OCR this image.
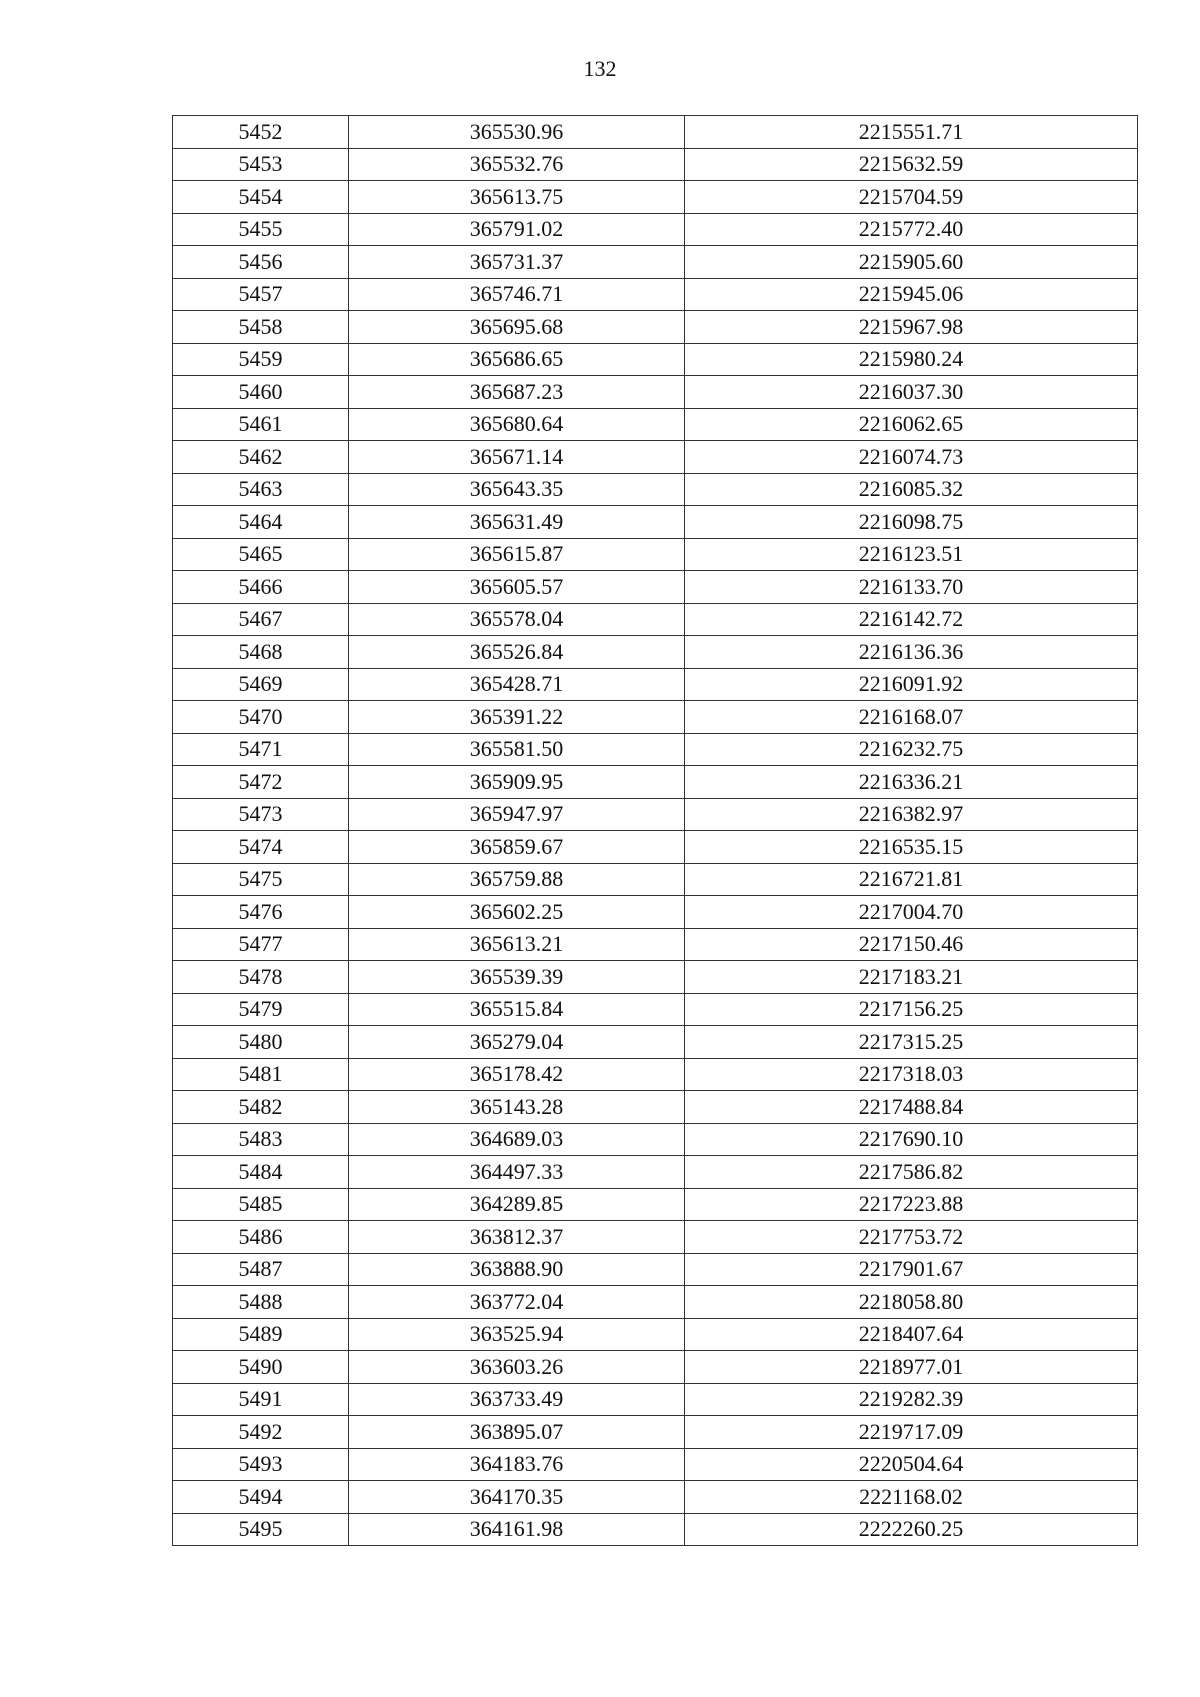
132
5452	365530.96	2215551.71
5453	365532.76	2215632.59
5454	365613.75	2215704.59
5455	365791.02	2215772.40
5456	365731.37	2215905.60
5457	365746.71	2215945.06
5458	365695.68	2215967.98
5459	365686.65	2215980.24
5460	365687.23	2216037.30
5461	365680.64	2216062.65
5462	365671.14	2216074.73
5463	365643.35	2216085.32
5464	365631.49	2216098.75
5465	365615.87	2216123.51
5466	365605.57	2216133.70
5467	365578.04	2216142.72
5468	365526.84	2216136.36
5469	365428.71	2216091.92
5470	365391.22	2216168.07
5471	365581.50	2216232.75
5472	365909.95	2216336.21
5473	365947.97	2216382.97
5474	365859.67	2216535.15
5475	365759.88	2216721.81
5476	365602.25	2217004.70
5477	365613.21	2217150.46
5478	365539.39	2217183.21
5479	365515.84	2217156.25
5480	365279.04	2217315.25
5481	365178.42	2217318.03
5482	365143.28	2217488.84
5483	364689.03	2217690.10
5484	364497.33	2217586.82
5485	364289.85	2217223.88
5486	363812.37	2217753.72
5487	363888.90	2217901.67
5488	363772.04	2218058.80
5489	363525.94	2218407.64
5490	363603.26	2218977.01
5491	363733.49	2219282.39
5492	363895.07	2219717.09
5493	364183.76	2220504.64
5494	364170.35	2221168.02
5495	364161.98	2222260.25
